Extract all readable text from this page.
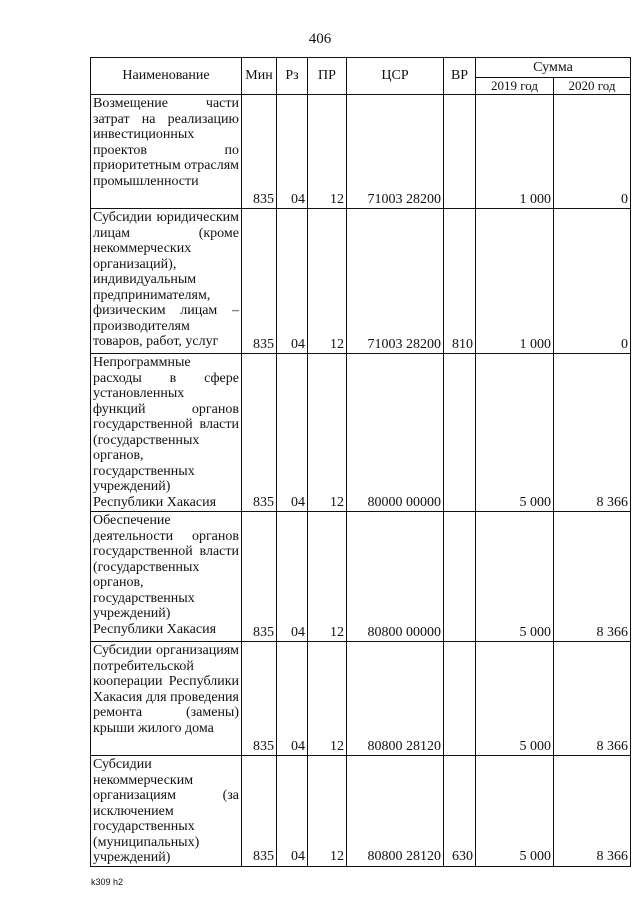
406
Наименование	Мин	Рз	ПР	ЦСР	ВР	Сумма	
						2019 год	2020 год
Возмещение части затрат на реализацию инвестиционных проектов по приоритетным отраслям промышленности	835	04	12	71003 28200		1 000	0
Субсидии юридическим лицам (кроме некоммерческих организаций), индивидуальным предпринимателям, физическим лицам – производителям товаров, работ, услуг	835	04	12	71003 28200	810	1 000	0
Непрограммные расходы в сфере установленных функций органов государственной власти (государственных органов, государственных учреждений) Республики Хакасия	835	04	12	80000 00000		5 000	8 366
Обеспечение деятельности органов государственной власти (государственных органов, государственных учреждений) Республики Хакасия	835	04	12	80800 00000		5 000	8 366
Субсидии организациям потребительской кооперации Республики Хакасия для проведения ремонта (замены) крыши жилого дома	835	04	12	80800 28120		5 000	8 366
Субсидии некоммерческим организациям (за исключением государственных (муниципальных) учреждений)	835	04	12	80800 28120	630	5 000	8 366
k309 h2
